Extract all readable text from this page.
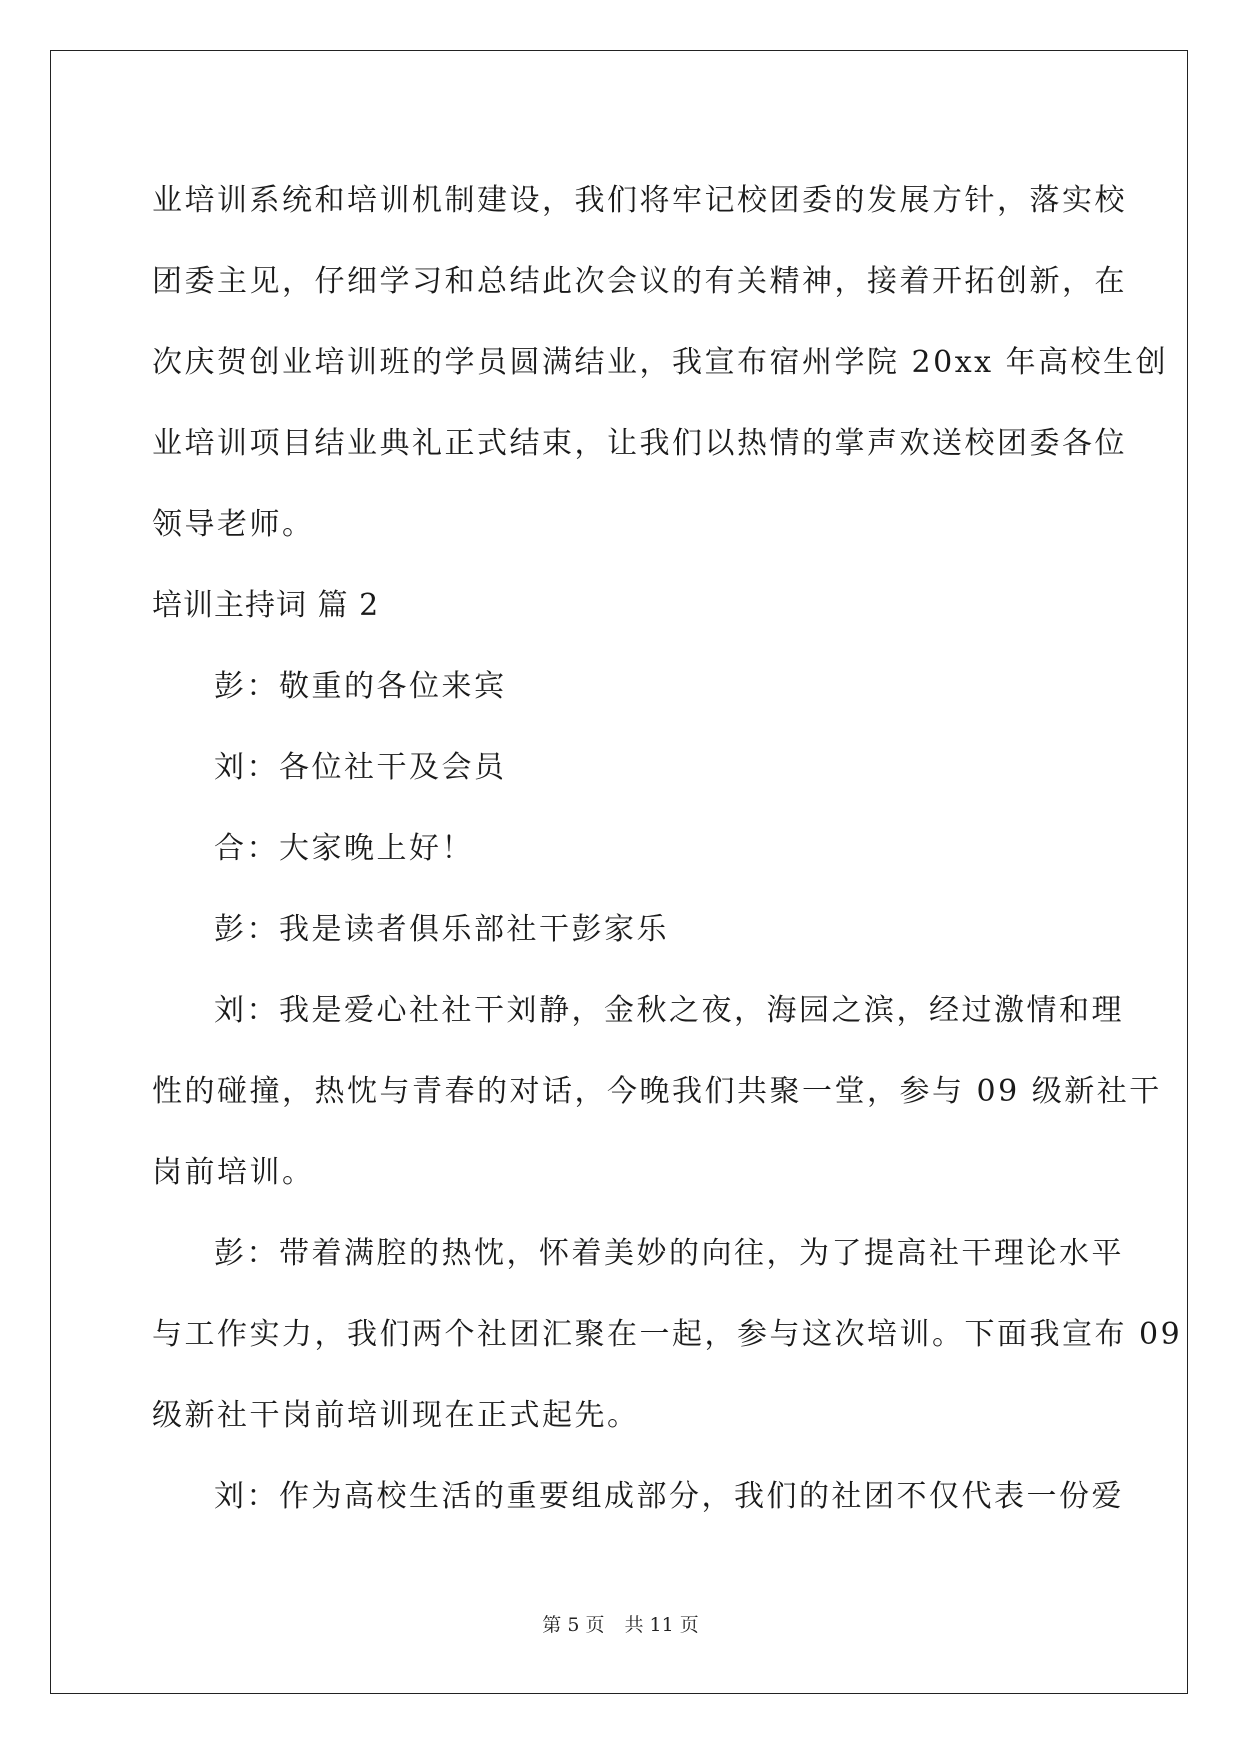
业培训系统和培训机制建设，我们将牢记校团委的发展方针，落实校
团委主见，仔细学习和总结此次会议的有关精神，接着开拓创新，在
次庆贺创业培训班的学员圆满结业，我宣布宿州学院 20xx 年高校生创
业培训项目结业典礼正式结束，让我们以热情的掌声欢送校团委各位
领导老师。
培训主持词 篇 2
彭：敬重的各位来宾
刘：各位社干及会员
合：大家晚上好！
彭：我是读者俱乐部社干彭家乐
刘：我是爱心社社干刘静，金秋之夜，海园之滨，经过激情和理
性的碰撞，热忱与青春的对话，今晚我们共聚一堂，参与 09 级新社干
岗前培训。
彭：带着满腔的热忱，怀着美妙的向往，为了提高社干理论水平
与工作实力，我们两个社团汇聚在一起，参与这次培训。下面我宣布 09
级新社干岗前培训现在正式起先。
刘：作为高校生活的重要组成部分，我们的社团不仅代表一份爱
第 5 页 共 11 页
